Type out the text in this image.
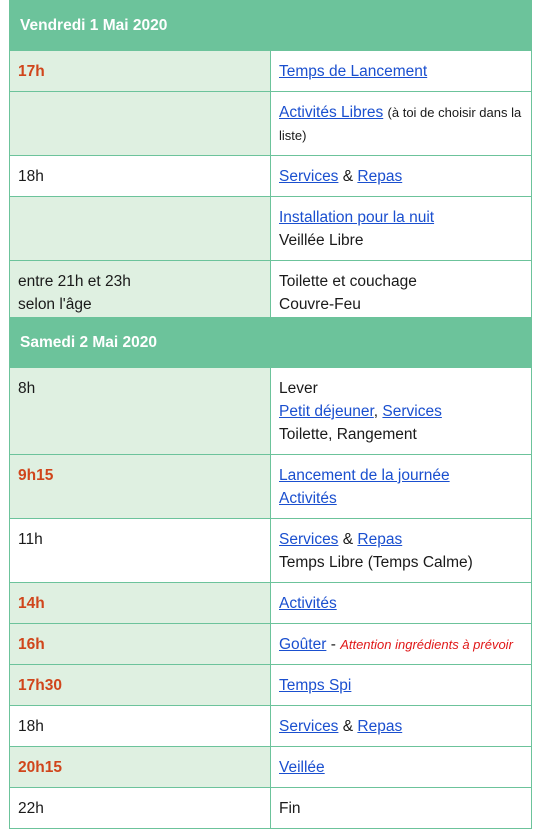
Vendredi 1 Mai 2020	
17h	Temps de Lancement
	Activités Libres (à toi de choisir dans la liste)
18h	Services & Repas

	Installation pour la nuit
Veillée Libre

entre 21h et 23h
selon l'âge	Toilette et couchage
Couvre-Feu
Samedi 2 Mai 2020	
8h	Lever
Petit déjeuner, Services
Toilette, Rangement

9h15	Lancement de la journée
Activités

11h	Services & Repas
Temps Libre (Temps Calme)

14h	Activités
16h	Goûter - Attention ingrédients à prévoir
17h30	Temps Spi
18h	Services & Repas
20h15	Veillée
22h	Fin
